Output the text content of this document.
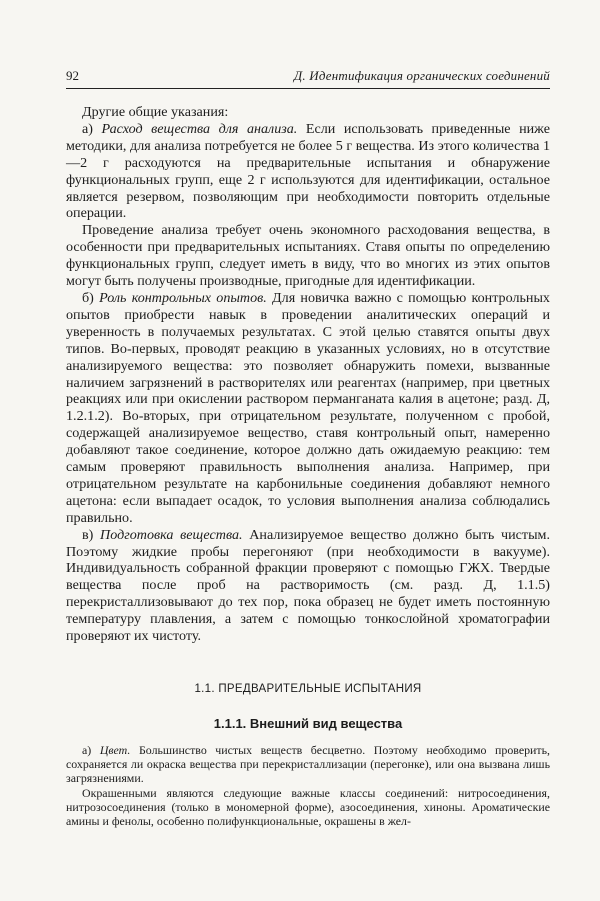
92	Д. Идентификация органических соединений

Другие общие указания:

а) Расход вещества для анализа. Если использовать приведенные ниже методики, для анализа потребуется не более 5 г вещества. Из этого количества 1—2 г расходуются на предварительные испытания и обнаружение функциональных групп, еще 2 г используются для идентификации, остальное является резервом, позволяющим при необходимости повторить отдельные операции.

Проведение анализа требует очень экономного расходования вещества, в особенности при предварительных испытаниях. Ставя опыты по определению функциональных групп, следует иметь в виду, что во многих из этих опытов могут быть получены производные, пригодные для идентификации.

б) Роль контрольных опытов. Для новичка важно с помощью контрольных опытов приобрести навык в проведении аналитических операций и уверенность в получаемых результатах. С этой целью ставятся опыты двух типов. Во-первых, проводят реакцию в указанных условиях, но в отсутствие анализируемого вещества: это позволяет обнаружить помехи, вызванные наличием загрязнений в растворителях или реагентах (например, при цветных реакциях или при окислении раствором перманганата калия в ацетоне; разд. Д, 1.2.1.2). Во-вторых, при отрицательном результате, полученном с пробой, содержащей анализируемое вещество, ставя контрольный опыт, намеренно добавляют такое соединение, которое должно дать ожидаемую реакцию: тем самым проверяют правильность выполнения анализа. Например, при отрицательном результате на карбонильные соединения добавляют немного ацетона: если выпадает осадок, то условия выполнения анализа соблюдались правильно.

в) Подготовка вещества. Анализируемое вещество должно быть чистым. Поэтому жидкие пробы перегоняют (при необходимости в вакууме). Индивидуальность собранной фракции проверяют с помощью ГЖХ. Твердые вещества после проб на растворимость (см. разд. Д, 1.1.5) перекристаллизовывают до тех пор, пока образец не будет иметь постоянную температуру плавления, а затем с помощью тонкослойной хроматографии проверяют их чистоту.

1.1. ПРЕДВАРИТЕЛЬНЫЕ ИСПЫТАНИЯ
1.1.1. Внешний вид вещества

а) Цвет. Большинство чистых веществ бесцветно. Поэтому необходимо проверить, сохраняется ли окраска вещества при перекристаллизации (перегонке), или она вызвана лишь загрязнениями.

Окрашенными являются следующие важные классы соединений: нитросоединения, нитрозосоединения (только в мономерной форме), азосоединения, хиноны. Ароматические амины и фенолы, особенно полифункциональные, окрашены в жел-
